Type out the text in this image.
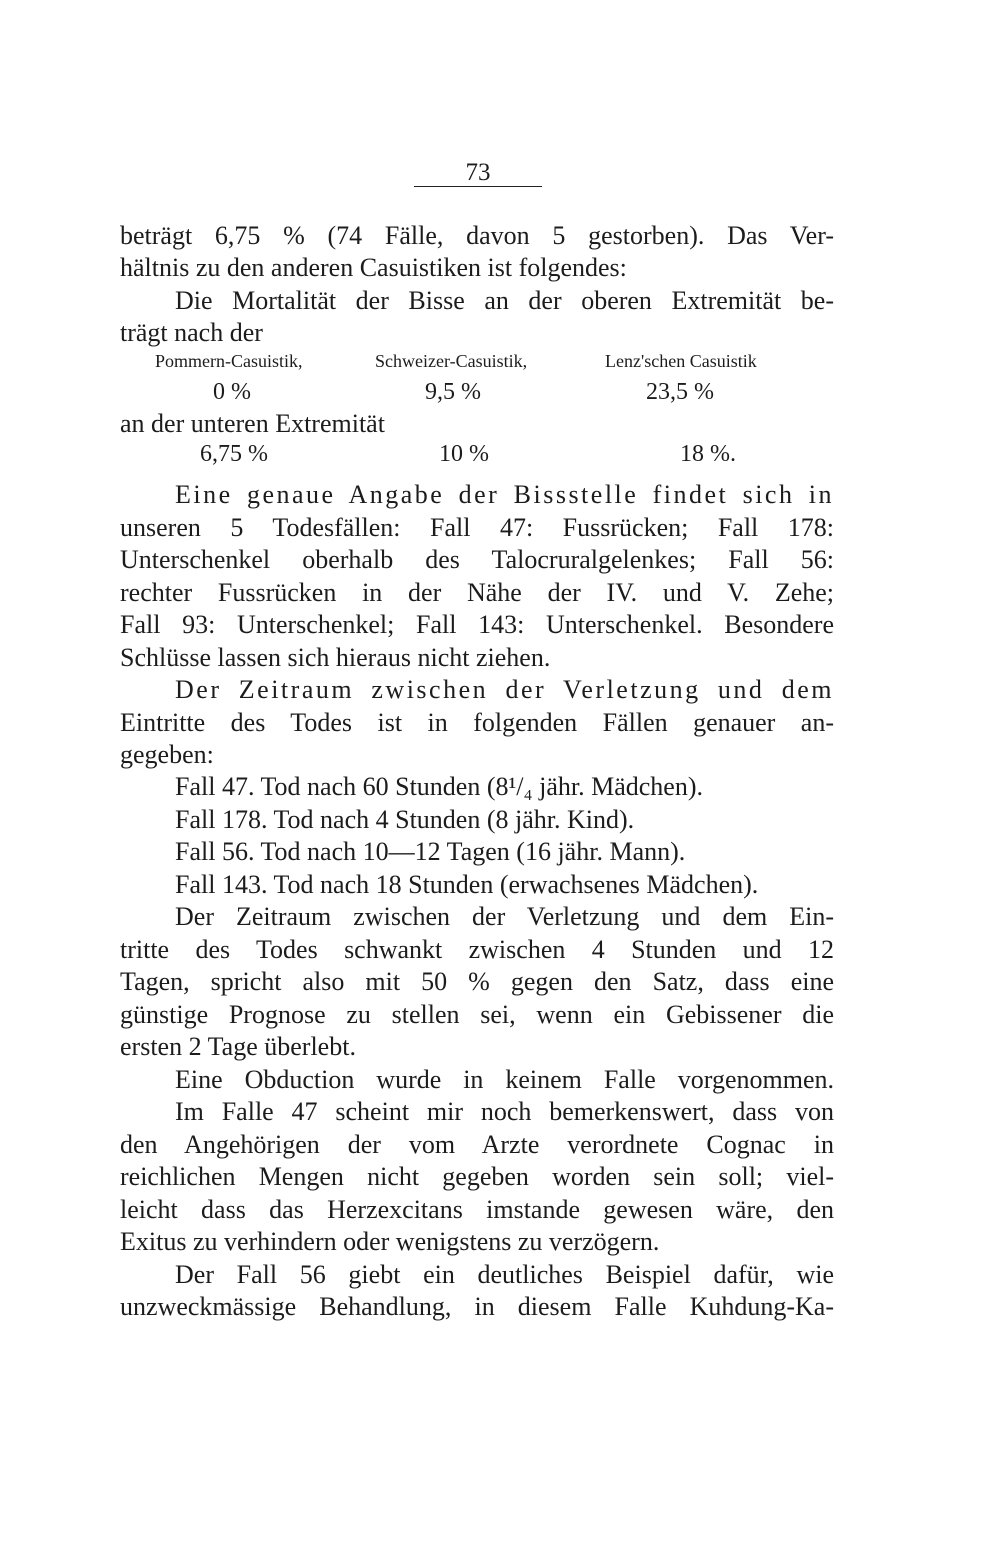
73
beträgt 6,75 % (74 Fälle, davon 5 gestorben). Das Ver-
hältnis zu den anderen Casuistiken ist folgendes:
Die Mortalität der Bisse an der oberen Extremität be-
trägt nach der
Pommern-Casuistik,	Schweizer-Casuistik,	Lenz'schen Casuistik
0 %	9,5 %	23,5 %
an der unteren Extremität
6,75 %	10 %	18 %.
Eine genaue Angabe der Bissstelle findet sich in
unseren 5 Todesfällen: Fall 47: Fussrücken; Fall 178:
Unterschenkel oberhalb des Talocruralgelenkes; Fall 56:
rechter Fussrücken in der Nähe der IV. und V. Zehe;
Fall 93: Unterschenkel; Fall 143: Unterschenkel. Besondere
Schlüsse lassen sich hieraus nicht ziehen.
Der Zeitraum zwischen der Verletzung und dem
Eintritte des Todes ist in folgenden Fällen genauer an-
gegeben:
Fall 47. Tod nach 60 Stunden (8¹/₄ jähr. Mädchen).
Fall 178. Tod nach 4 Stunden (8 jähr. Kind).
Fall 56. Tod nach 10—12 Tagen (16 jähr. Mann).
Fall 143. Tod nach 18 Stunden (erwachsenes Mädchen).
Der Zeitraum zwischen der Verletzung und dem Ein-
tritte des Todes schwankt zwischen 4 Stunden und 12
Tagen, spricht also mit 50 % gegen den Satz, dass eine
günstige Prognose zu stellen sei, wenn ein Gebissener die
ersten 2 Tage überlebt.
Eine Obduction wurde in keinem Falle vorgenommen.
Im Falle 47 scheint mir noch bemerkenswert, dass von
den Angehörigen der vom Arzte verordnete Cognac in
reichlichen Mengen nicht gegeben worden sein soll; viel-
leicht dass das Herzexcitans imstande gewesen wäre, den
Exitus zu verhindern oder wenigstens zu verzögern.
Der Fall 56 giebt ein deutliches Beispiel dafür, wie
unzweckmässige Behandlung, in diesem Falle Kuhdung-Ka-
